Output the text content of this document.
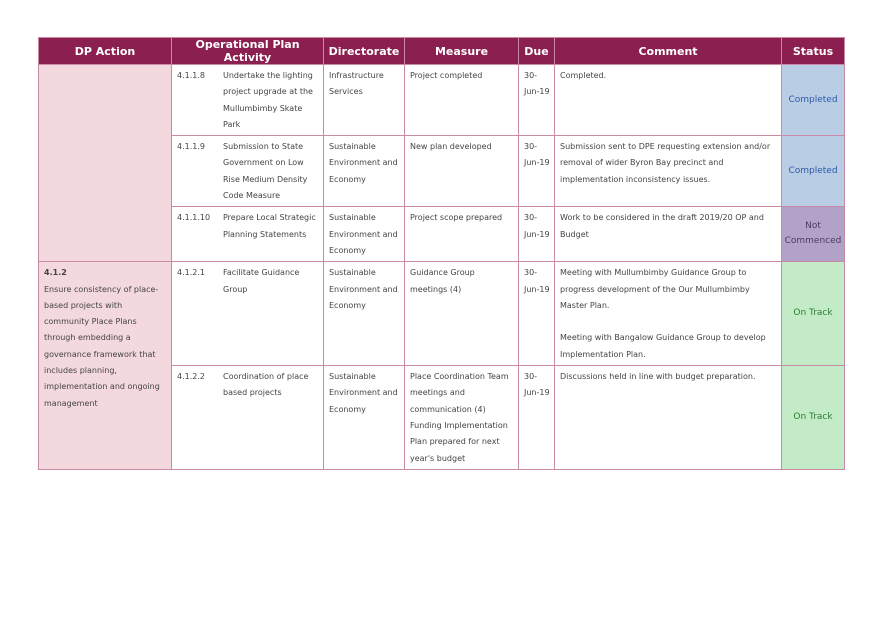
DP Action	Operational Plan Activity	Directorate	Measure	Due	Comment	Status

	4.1.1.8 Undertake the lighting project upgrade at the Mullumbimby Skate Park	Infrastructure Services	Project completed	30-Jun-19	Completed.	Completed

	4.1.1.9 Submission to State Government on Low Rise Medium Density Code Measure	Sustainable Environment and Economy	New plan developed	30-Jun-19	Submission sent to DPE requesting extension and/or removal of wider Byron Bay precinct and implementation inconsistency issues.	Completed

	4.1.1.10 Prepare Local Strategic Planning Statements	Sustainable Environment and Economy	Project scope prepared	30-Jun-19	Work to be considered in the draft 2019/20 OP and Budget	Not Commenced

4.1.2
Ensure consistency of place-based projects with community Place Plans through embedding a governance framework that includes planning, implementation and ongoing management	4.1.2.1 Facilitate Guidance Group	Sustainable Environment and Economy	Guidance Group meetings (4)	30-Jun-19	Meeting with Mullumbimby Guidance Group to progress development of the Our Mullumbimby Master Plan.
Meeting with Bangalow Guidance Group to develop Implementation Plan.	On Track

	4.1.2.2 Coordination of place based projects	Sustainable Environment and Economy	Place Coordination Team meetings and communication (4) Funding Implementation Plan prepared for next year's budget	30-Jun-19	Discussions held in line with budget preparation.	On Track
